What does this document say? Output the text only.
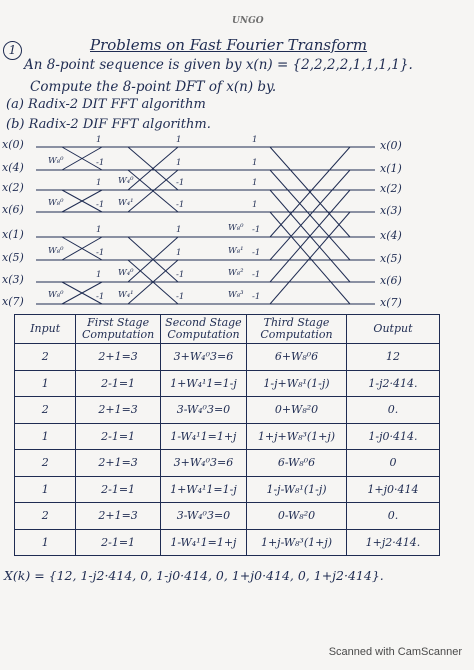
UNGO
Problems on Fast Fourier Transform
1
An 8-point sequence is given by x(n) = {2,2,2,2,1,1,1,1}.
Compute the 8-point DFT of x(n) by.
(a) Radix-2 DIT FFT algorithm
(b) Radix-2 DIF FFT algorithm.
x(0)
x(4)
x(2)
x(6)
x(1)
x(5)
x(3)
x(7)
x(0)
x(1)
x(2)
x(3)
x(4)
x(5)
x(6)
x(7)
W₈⁰
W₈⁰
W₈⁰
W₈⁰
W₄⁰
W₄¹
W₄⁰
W₄¹
W₈⁰
W₈¹
W₈²
W₈³
-1
-1
-1
-1
-1
-1
-1
-1
-1
-1
-1
-1
1
1
1
1
1
1
1
1
1
1
1
1
Input	First Stage Computation	Second Stage Computation	Third Stage Computation	Output
2	2+1=3	3+W₄⁰3=6	6+W₈⁰6	12
1	2-1=1	1+W₄¹1=1-j	1-j+W₈¹(1-j)	1-j2·414.
2	2+1=3	3-W₄⁰3=0	0+W₈²0	0.
1	2-1=1	1-W₄¹1=1+j	1+j+W₈³(1+j)	1-j0·414.
2	2+1=3	3+W₄⁰3=6	6-W₈⁰6	0
1	2-1=1	1+W₄¹1=1-j	1-j-W₈¹(1-j)	1+j0·414
2	2+1=3	3-W₄⁰3=0	0-W₈²0	0.
1	2-1=1	1-W₄¹1=1+j	1+j-W₈³(1+j)	1+j2·414.
X(k) = {12, 1-j2·414, 0, 1-j0·414, 0, 1+j0·414, 0, 1+j2·414}.
Scanned with CamScanner
